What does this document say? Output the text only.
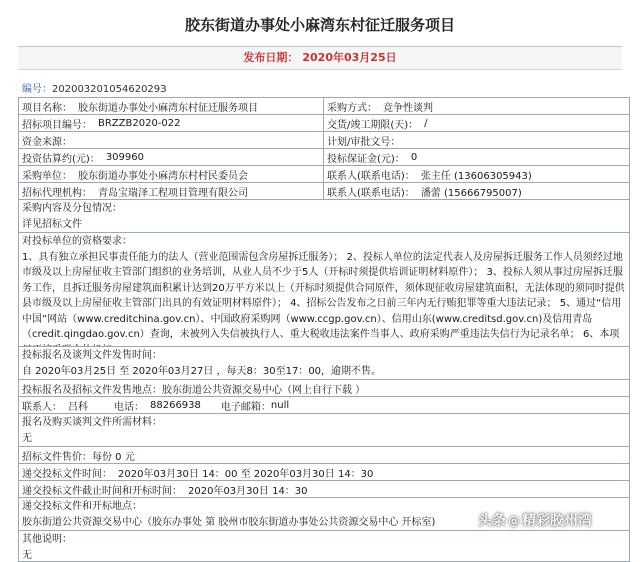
胶东街道办事处小麻湾东村征迁服务项目
发布日期： 2020年03月25日
编号：20200320105462029З
项目名称： 胶东街道办事处小麻湾东村征迁服务项目	采购方式： 竞争性谈判
招标项目编号： BRZZB2020-022	交货/竣工期限(天)： /
资金来源：	计划/审批文号：
投资估算约(元)： 309960	投标保证金(元)： 0
采购单位： 胶东街道办事处小麻湾东村村民委员会	联系人(联系电话)： 张主任 (13606305943)
招标代理机构： 青岛宝瑞泽工程项目管理有限公司	联系人(联系电话)： 潘蕾 (15666795007)
采购内容及分包情况：
详见招标文件
对投标单位的资格要求：
1、具有独立承担民事责任能力的法人（营业范围需包含房屋拆迁服务）； 2、投标人单位的法定代表人及房屋拆迁服务工作人员须经过地市级及以上房屋征收主管部门组织的业务培训，从业人员不少于5人（开标时须提供培训证明材料原件）； 3、投标人须从事过房屋拆迁服务工作，且拆迁服务房屋建筑面积累计达到20万平方米以上（开标时须提供合同原件，须体现征收房屋建筑面积，无法体现的须同时提供县市级及以上房屋征收主管部门出具的有效证明材料原件）； 4、招标公告发布之日前三年内无行贿犯罪等重大违法记录； 5、通过“信用中国”网站（www.creditchina.gov.cn）、中国政府采购网（www.ccgp.gov.cn）、信用山东(www.creditsd.gov.cn)及信用青岛（credit.qingdao.gov.cn）查询，未被列入失信被执行人、重大税收违法案件当事人、政府采购严重违法失信行为记录名单； 6、本项
投标报名及谈判文件发售时间：
自 2020年03月25日 至 2020年03月27日 ，每天8：30至17：00，逾期不售。
投标报名及招标文件发售地点： 胶东街道公共资源交易中心（网上自行下载 ）
联系人： 吕科	电话： 88266938 电子邮箱： null
报名及购买谈判文件所需材料：
无
招标文件售价： 每份 0 元
递交投标文件时间： 2020年03月30日 14：00 至 2020年03月30日 14：30
递交投标文件截止时间和开标时间： 2020年03月30日 14：30
递交投标文件和开标地点：
胶东街道公共资源交易中心（胶东办事处 第 胶州市胶东街道办事处公共资源交易中心 开标室)
其他说明：
无
头条 @ 精彩胶州湾
